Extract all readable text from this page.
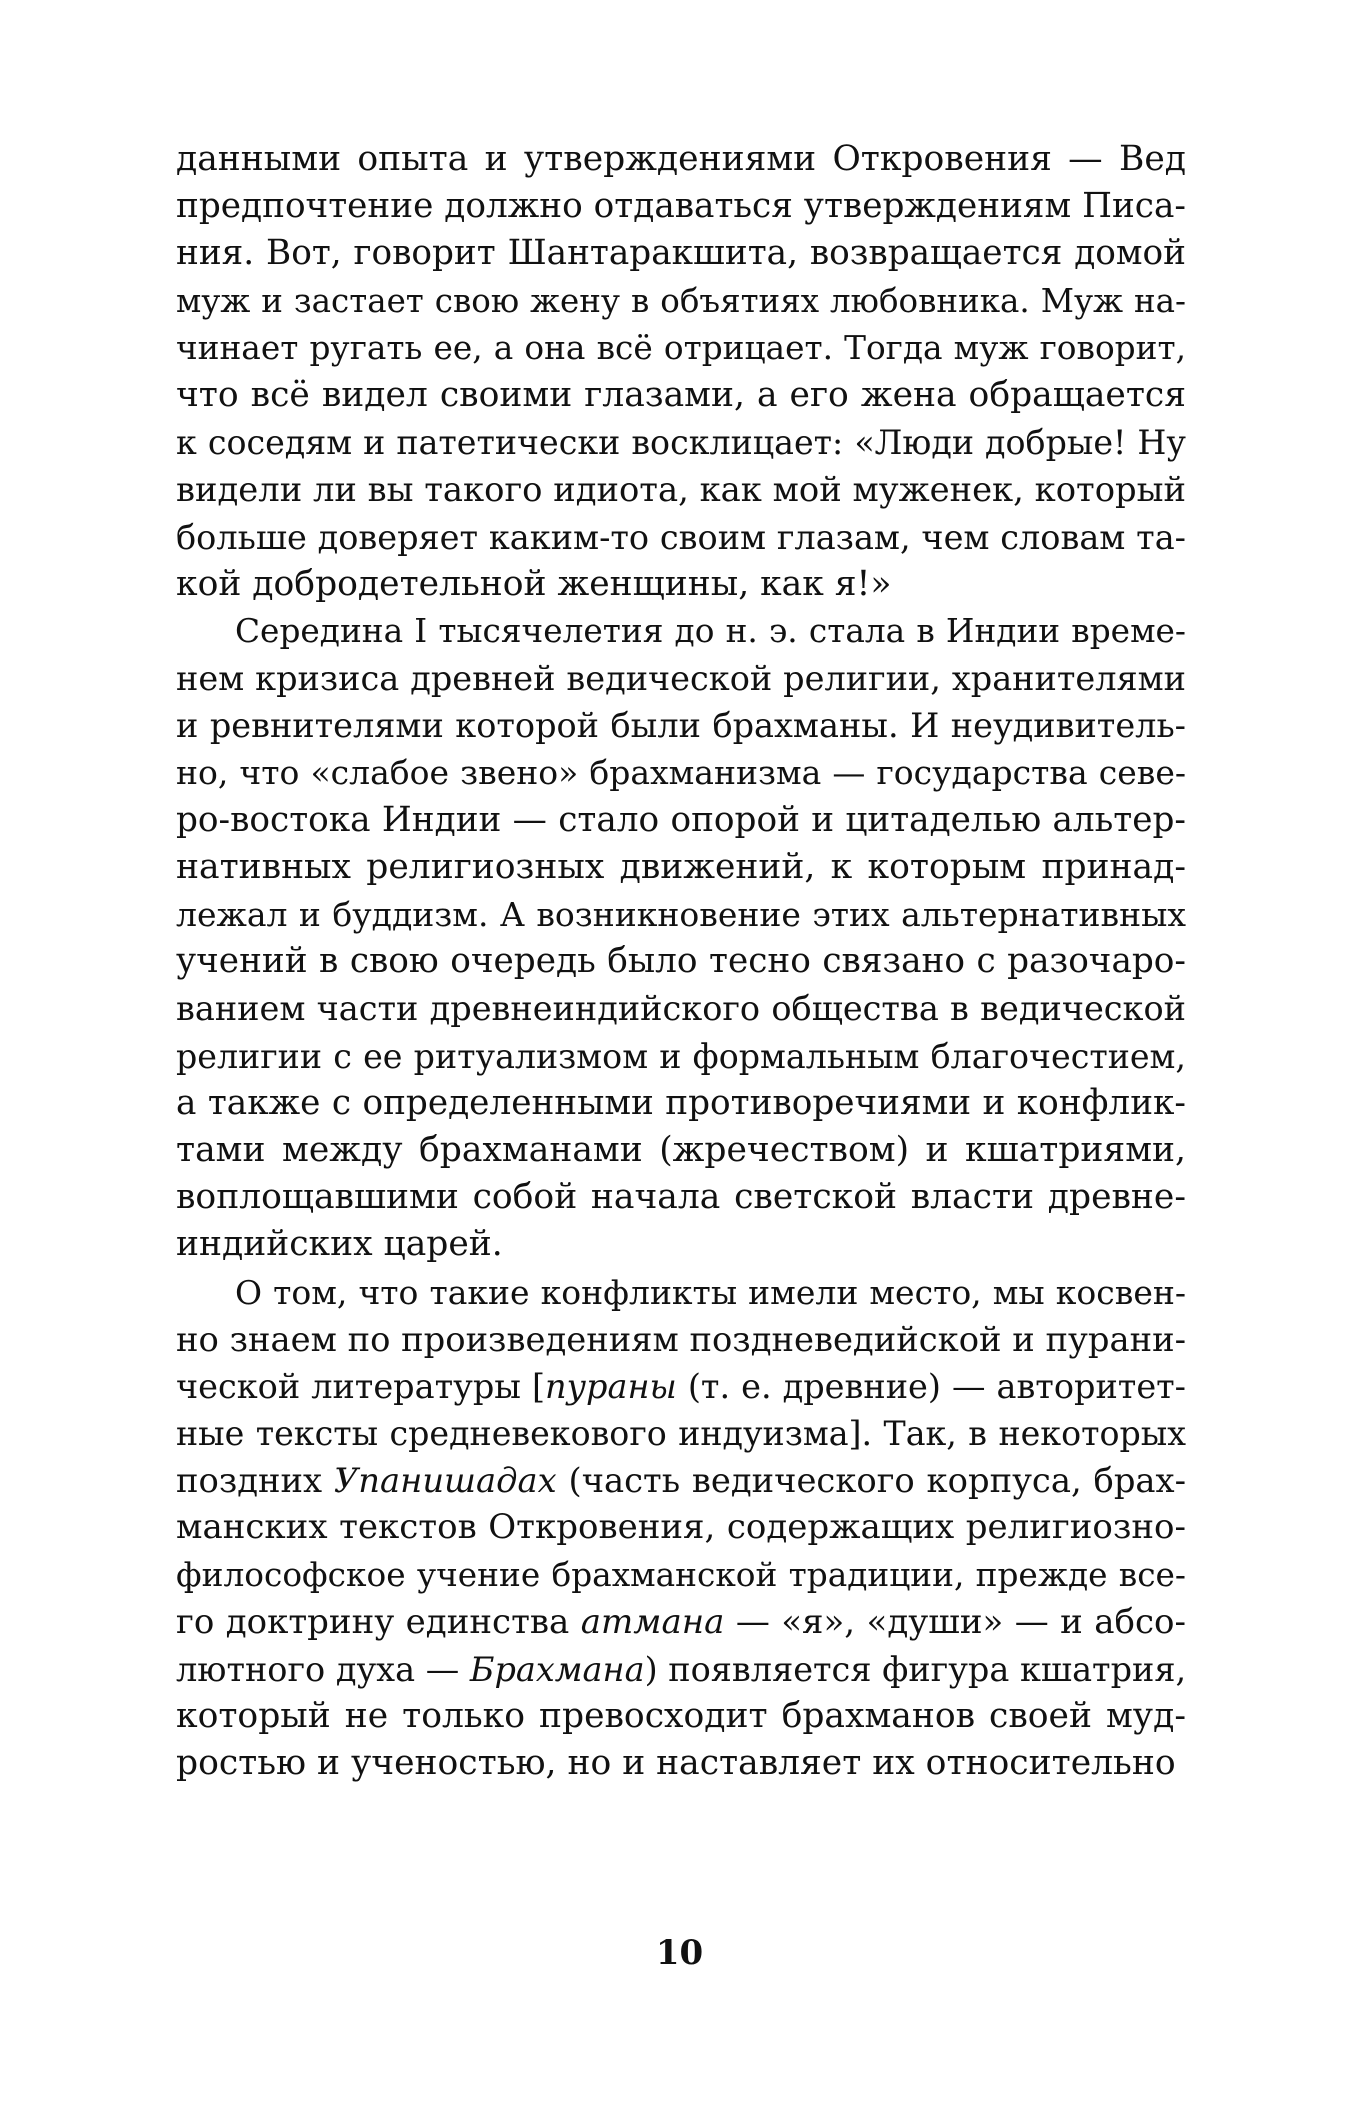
данными опыта и утверждениями Откровения — Вед
предпочтение должно отдаваться утверждениям Писа-
ния. Вот, говорит Шантаракшита, возвращается домой
муж и застает свою жену в объятиях любовника. Муж на-
чинает ругать ее, а она всё отрицает. Тогда муж говорит,
что всё видел своими глазами, а его жена обращается
к соседям и патетически восклицает: «Люди добрые! Ну
видели ли вы такого идиота, как мой муженек, который
больше доверяет каким-то своим глазам, чем словам та-
кой добродетельной женщины, как я!»
Середина I тысячелетия до н. э. стала в Индии време-
нем кризиса древней ведической религии, хранителями
и ревнителями которой были брахманы. И неудивитель-
но, что «слабое звено» брахманизма — государства севе-
ро-востока Индии — стало опорой и цитаделью альтер-
нативных религиозных движений, к которым принад-
лежал и буддизм. А возникновение этих альтернативных
учений в свою очередь было тесно связано с разочаро-
ванием части древнеиндийского общества в ведической
религии с ее ритуализмом и формальным благочестием,
а также с определенными противоречиями и конфлик-
тами между брахманами (жречеством) и кшатриями,
воплощавшими собой начала светской власти древне-
индийских царей.
О том, что такие конфликты имели место, мы косвен-
но знаем по произведениям поздневедийской и пурани-
ческой литературы [пураны (т. е. древние) — авторитет-
ные тексты средневекового индуизма]. Так, в некоторых
поздних Упанишадах (часть ведического корпуса, брах-
манских текстов Откровения, содержащих религиозно-
философское учение брахманской традиции, прежде все-
го доктрину единства атмана — «я», «души» — и абсо-
лютного духа — Брахмана) появляется фигура кшатрия,
который не только превосходит брахманов своей муд-
ростью и ученостью, но и наставляет их относительно
10
